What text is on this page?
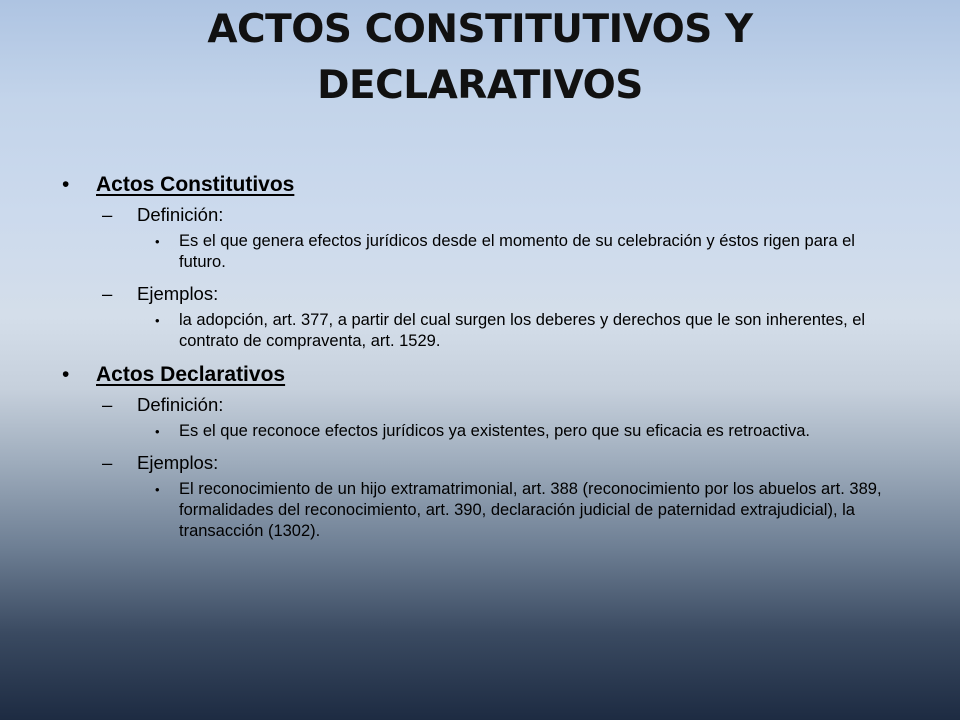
ACTOS CONSTITUTIVOS Y
DECLARATIVOS
• Actos Constitutivos
– Definición:
• Es el que genera efectos jurídicos desde el momento de su celebración y éstos rigen para el futuro.
– Ejemplos:
• la adopción, art. 377, a partir del cual surgen los deberes y derechos que le son inherentes, el contrato de compraventa, art. 1529.
• Actos Declarativos
– Definición:
• Es el que reconoce efectos jurídicos ya existentes, pero que su eficacia es retroactiva.
– Ejemplos:
• El reconocimiento de un hijo extramatrimonial, art. 388 (reconocimiento por los abuelos art. 389, formalidades del reconocimiento, art. 390, declaración judicial de paternidad extrajudicial), la transacción (1302).
